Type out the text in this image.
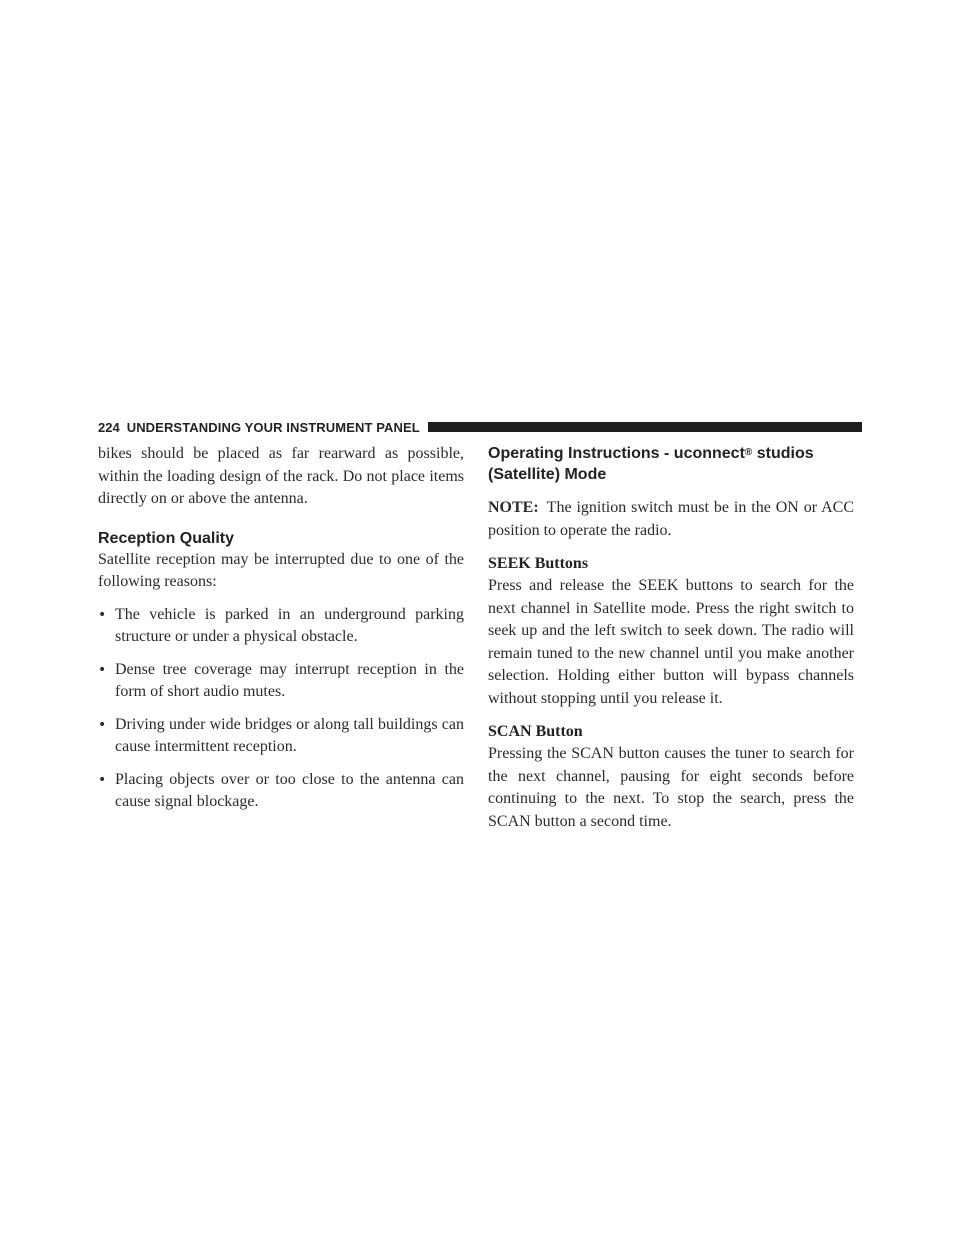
224 UNDERSTANDING YOUR INSTRUMENT PANEL

bikes should be placed as far rearward as possible, within the loading design of the rack. Do not place items directly on or above the antenna.

Reception Quality

Satellite reception may be interrupted due to one of the following reasons:

• The vehicle is parked in an underground parking structure or under a physical obstacle.
• Dense tree coverage may interrupt reception in the form of short audio mutes.
• Driving under wide bridges or along tall buildings can cause intermittent reception.
• Placing objects over or too close to the antenna can cause signal blockage.
Operating Instructions - uconnect® studios (Satellite) Mode

NOTE: The ignition switch must be in the ON or ACC position to operate the radio.

SEEK Buttons

Press and release the SEEK buttons to search for the next channel in Satellite mode. Press the right switch to seek up and the left switch to seek down. The radio will remain tuned to the new channel until you make another selection. Holding either button will bypass channels without stopping until you release it.

SCAN Button

Pressing the SCAN button causes the tuner to search for the next channel, pausing for eight seconds before continuing to the next. To stop the search, press the SCAN button a second time.
